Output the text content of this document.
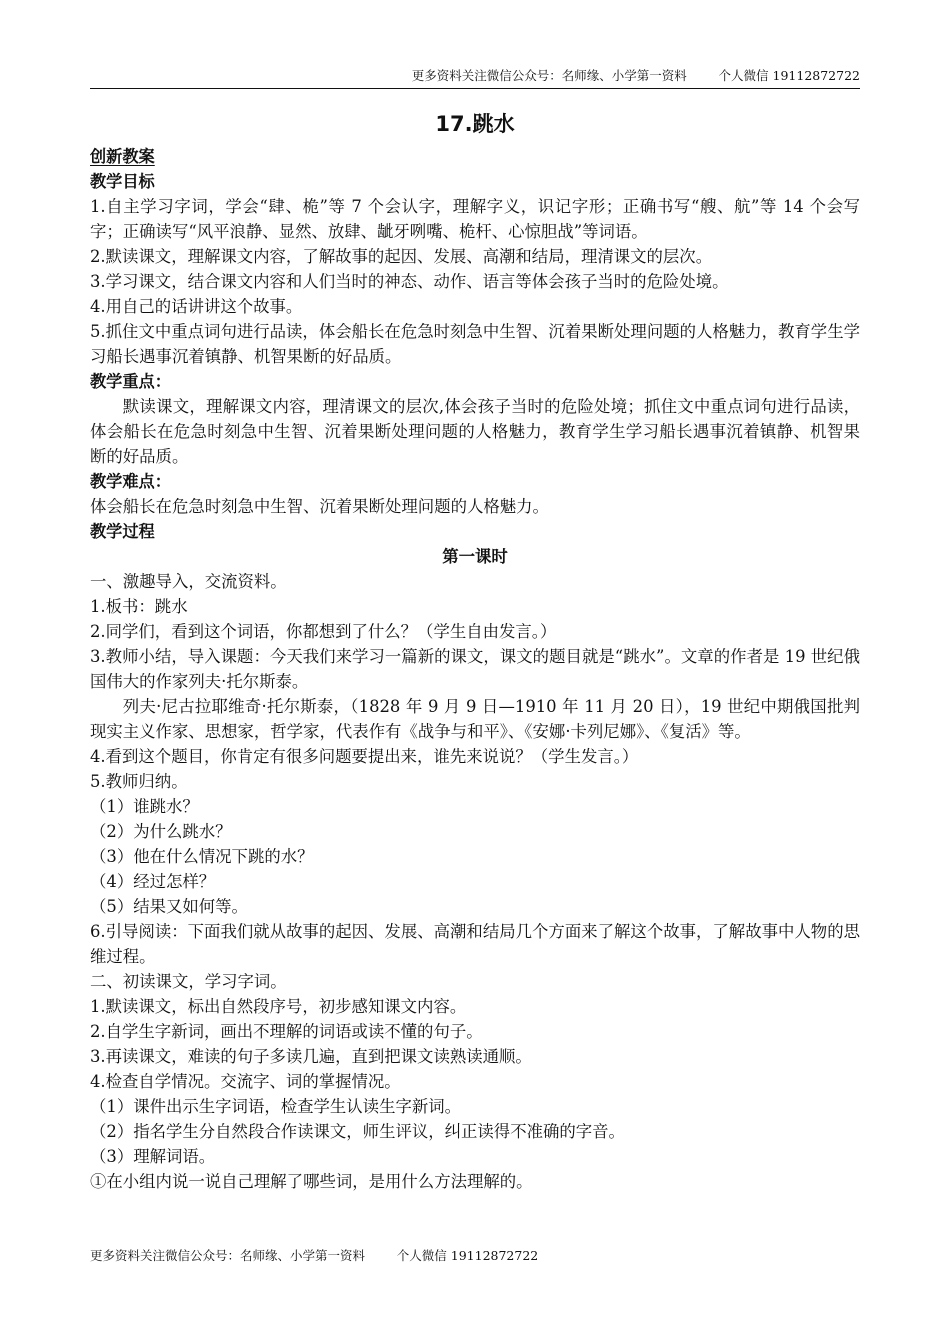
更多资料关注微信公众号：名师缘、小学第一资料        个人微信 19112872722
17.跳水

创新教案

教学目标

1.自主学习字词，学会“肆、桅”等 7 个会认字，理解字义，识记字形；正确书写“艘、航”等 14 个会写字；正确读写“风平浪静、显然、放肆、龇牙咧嘴、桅杆、心惊胆战”等词语。

2.默读课文，理解课文内容，了解故事的起因、发展、高潮和结局，理清课文的层次。

3.学习课文，结合课文内容和人们当时的神态、动作、语言等体会孩子当时的危险处境。

4.用自己的话讲讲这个故事。

5.抓住文中重点词句进行品读，体会船长在危急时刻急中生智、沉着果断处理问题的人格魅力，教育学生学习船长遇事沉着镇静、机智果断的好品质。

教学重点：

默读课文，理解课文内容，理清课文的层次,体会孩子当时的危险处境；抓住文中重点词句进行品读，体会船长在危急时刻急中生智、沉着果断处理问题的人格魅力，教育学生学习船长遇事沉着镇静、机智果断的好品质。

教学难点：

体会船长在危急时刻急中生智、沉着果断处理问题的人格魅力。

教学过程

第一课时

一、激趣导入，交流资料。

1.板书：跳水

2.同学们，看到这个词语，你都想到了什么？（学生自由发言。）

3.教师小结，导入课题：今天我们来学习一篇新的课文，课文的题目就是“跳水”。文章的作者是 19 世纪俄国伟大的作家列夫·托尔斯泰。

列夫·尼古拉耶维奇·托尔斯泰，（1828 年 9 月 9 日—1910 年 11 月 20 日），19 世纪中期俄国批判现实主义作家、思想家，哲学家，代表作有《战争与和平》、《安娜·卡列尼娜》、《复活》等。

4.看到这个题目，你肯定有很多问题要提出来，谁先来说说？（学生发言。）

5.教师归纳。

（1）谁跳水？

（2）为什么跳水？

（3）他在什么情况下跳的水？

（4）经过怎样？

（5）结果又如何等。

6.引导阅读：下面我们就从故事的起因、发展、高潮和结局几个方面来了解这个故事，了解故事中人物的思维过程。

二、初读课文，学习字词。

1.默读课文，标出自然段序号，初步感知课文内容。

2.自学生字新词，画出不理解的词语或读不懂的句子。

3.再读课文，难读的句子多读几遍，直到把课文读熟读通顺。

4.检查自学情况。交流字、词的掌握情况。

（1）课件出示生字词语，检查学生认读生字新词。

（2）指名学生分自然段合作读课文，师生评议，纠正读得不准确的字音。

（3）理解词语。

①在小组内说一说自己理解了哪些词，是用什么方法理解的。

更多资料关注微信公众号：名师缘、小学第一资料        个人微信 19112872722
